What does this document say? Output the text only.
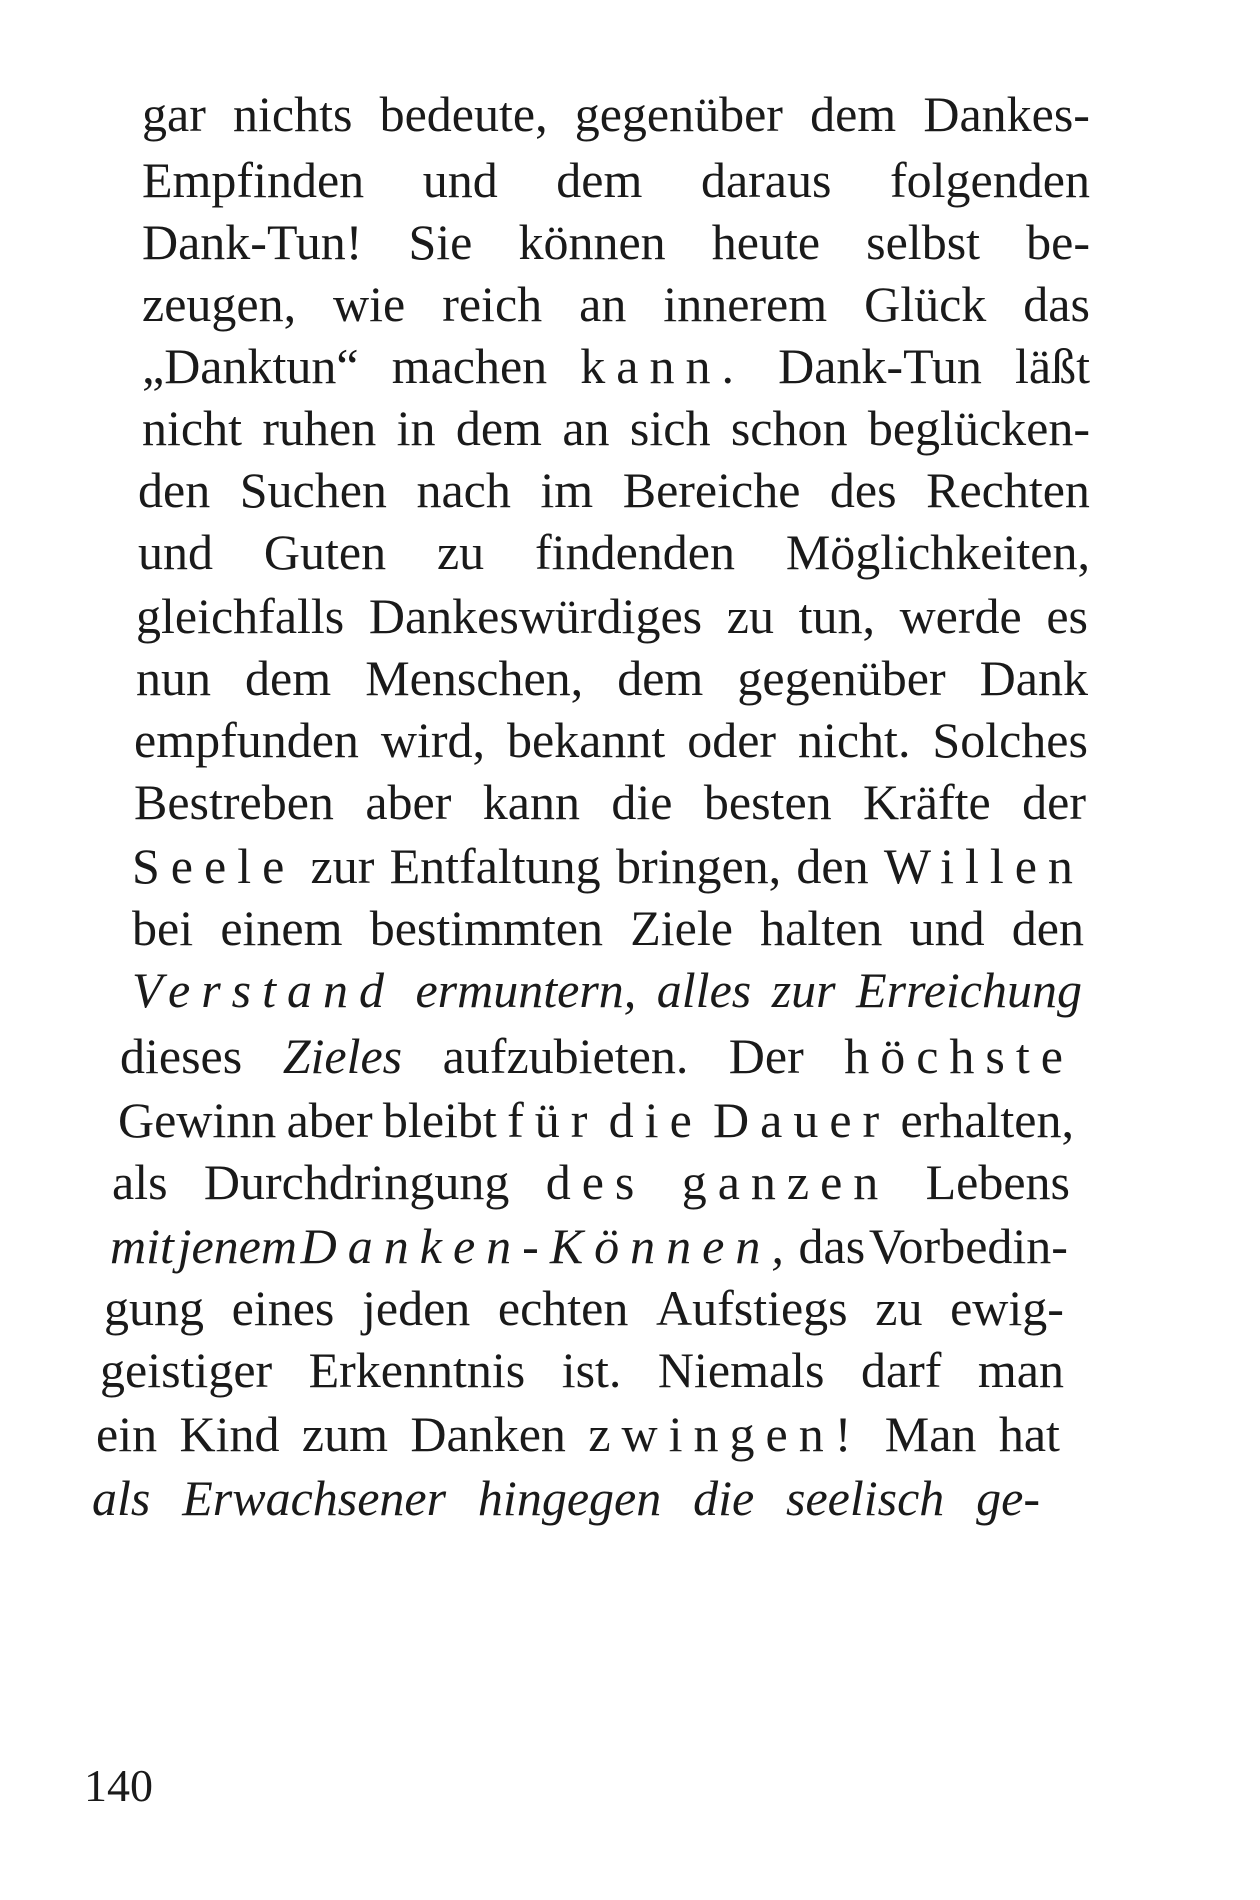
gar nichts bedeute, gegenüber dem Dankes-
Empfinden und dem daraus folgenden
Dank-Tun! Sie können heute selbst be-
zeugen, wie reich an innerem Glück das
„Danktun“ machen kann. Dank-Tun läßt
nicht ruhen in dem an sich schon beglücken-
den Suchen nach im Bereiche des Rechten
und Guten zu findenden Möglichkeiten,
gleichfalls Dankeswürdiges zu tun, werde es
nun dem Menschen, dem gegenüber Dank
empfunden wird, bekannt oder nicht. Solches
Bestreben aber kann die besten Kräfte der
Seele zur Entfaltung bringen, den Willen
bei einem bestimmten Ziele halten und den
Verstand ermuntern, alles zur Erreichung
dieses Zieles aufzubieten. Der höchste
Gewinn aber bleibt für die Dauer erhalten,
als Durchdringung des ganzen Lebens
mit jenem Danken-Können, das Vorbedin-
gung eines jeden echten Aufstiegs zu ewig-
geistiger Erkenntnis ist. Niemals darf man
ein Kind zum Danken zwingen! Man hat
als Erwachsener hingegen die seelisch ge-
140
